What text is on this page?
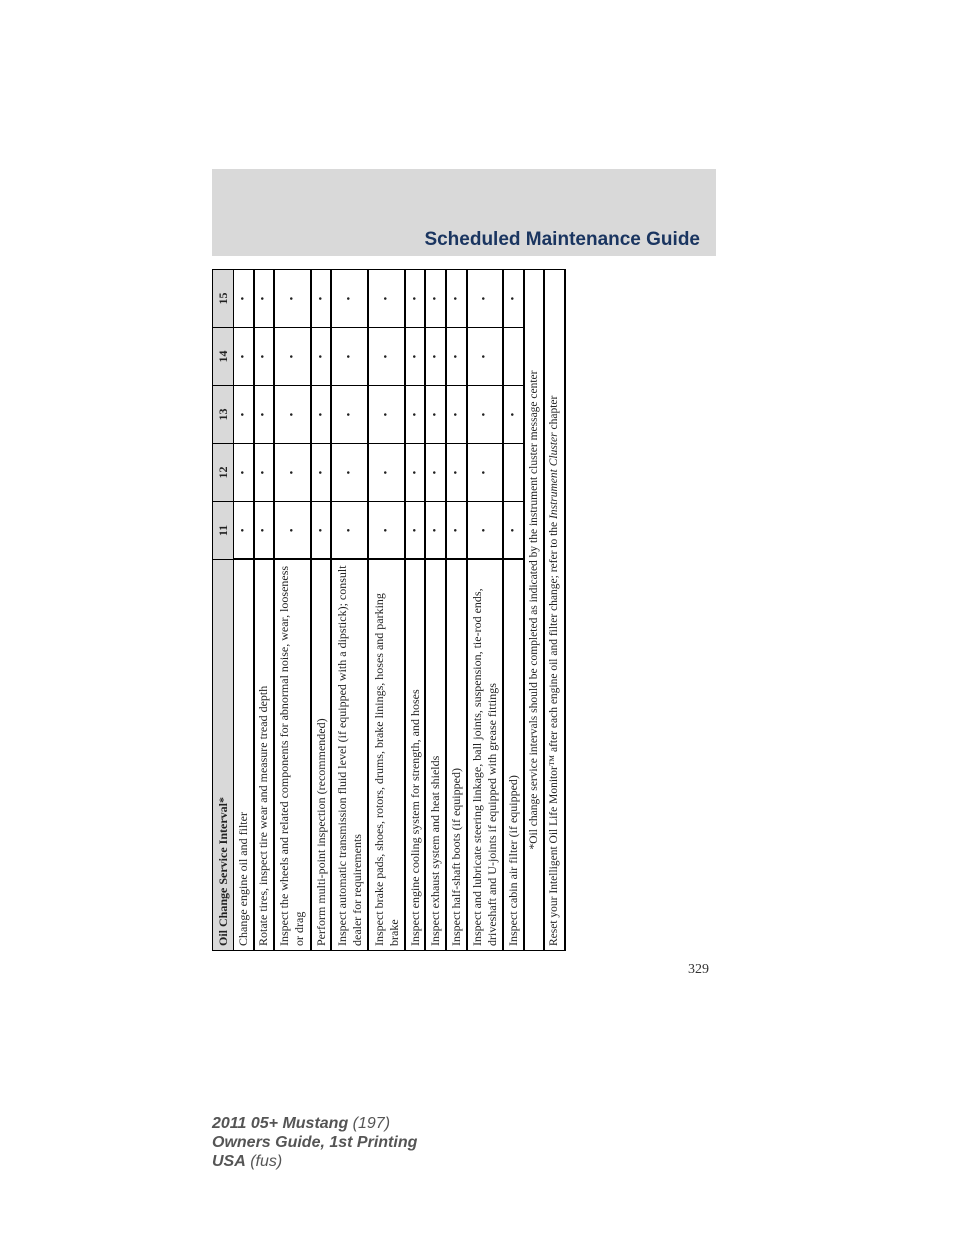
Scheduled Maintenance Guide
Oil Change Service Interval*	11	12	13	14	15
Change engine oil and filter	•	•	•	•	•
Rotate tires, inspect tire wear and measure tread depth	•	•	•	•	•
Inspect the wheels and related components for abnormal noise, wear, looseness or drag	•	•	•	•	•
Perform multi-point inspection (recommended)	•	•	•	•	•
Inspect automatic transmission fluid level (if equipped with a dipstick); consult dealer for requirements	•	•	•	•	•
Inspect brake pads, shoes, rotors, drums, brake linings, hoses and parking brake	•	•	•	•	•
Inspect engine cooling system for strength, and hoses	•	•	•	•	•
Inspect exhaust system and heat shields	•	•	•	•	•
Inspect half-shaft boots (if equipped)	•	•	•	•	•
Inspect and lubricate steering linkage, ball joints, suspension, tie-rod ends, driveshaft and U-joints if equipped with grease fittings	•	•	•	•	•
Inspect cabin air filter (if equipped)	•		•		•
*Oil change service intervals should be completed as indicated by the instrument cluster message center					
Reset your Intelligent Oil Life Monitor™ after each engine oil and filter change; refer to the Instrument Cluster chapter					
329
2011 05+ Mustang (197)
Owners Guide, 1st Printing
USA (fus)
